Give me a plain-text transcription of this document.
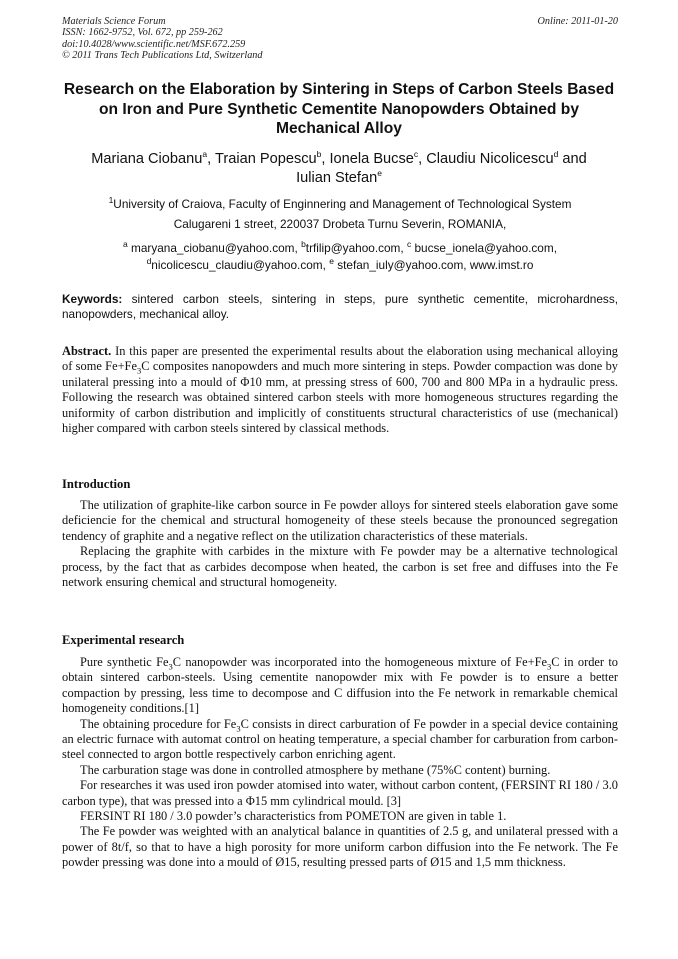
Materials Science Forum
ISSN: 1662-9752, Vol. 672, pp 259-262
doi:10.4028/www.scientific.net/MSF.672.259
© 2011 Trans Tech Publications Ltd, Switzerland
Online: 2011-01-20
Research on the Elaboration by Sintering in Steps of Carbon Steels Based on Iron and Pure Synthetic Cementite Nanopowders Obtained by Mechanical Alloy
Mariana Ciobanu$^a$, Traian Popescu$^b$, Ionela Bucse$^c$, Claudiu Nicolicescu$^d$ and
Iulian Stefan$^e$
$^1$University of Craiova, Faculty of Enginnering and Management of Technological System
Calugareni 1 street, 220037 Drobeta Turnu Severin, ROMANIA,
$^a$ maryana_ciobanu@yahoo.com, $^b$trfilip@yahoo.com, $^c$ bucse_ionela@yahoo.com,
$^d$nicolicescu_claudiu@yahoo.com, $^e$ stefan_iuly@yahoo.com, www.imst.ro
Keywords: sintered carbon steels, sintering in steps, pure synthetic cementite, microhardness, nanopowders, mechanical alloy.
Abstract. In this paper are presented the experimental results about the elaboration using mechanical alloying of some $Fe+Fe_3C$ composites nanopowders and much more sintering in steps. Powder compaction was done by unilateral pressing into a mould of Φ10 mm, at pressing stress of 600, 700 and 800 MPa in a hydraulic press. Following the research was obtained sintered carbon steels with more homogeneous structures regarding the uniformity of carbon distribution and implicitly of constituents structural characteristics of use (mechanical) higher compared with carbon steels sintered by classical methods.
Introduction

The utilization of graphite-like carbon source in Fe powder alloys for sintered steels elaboration gave some deficiencie for the chemical and structural homogeneity of these steels because the pronounced segregation tendency of graphite and a negative reflect on the utilization characteristics of these materials.

Replacing the graphite with carbides in the mixture with Fe powder may be a alternative technological process, by the fact that as carbides decompose when heated, the carbon is set free and diffuses into the Fe network ensuring chemical and structural homogeneity.

Experimental research

Pure synthetic $Fe_3C$ nanopowder was incorporated into the homogeneous mixture of $Fe+Fe_3C$ in order to obtain sintered carbon-steels. Using cementite nanopowder mix with Fe powder is to ensure a better compaction by pressing, less time to decompose and C diffusion into the Fe network in remarkable chemical homogeneity conditions.[1]

The obtaining procedure for $Fe_3C$ consists in direct carburation of Fe powder in a special device containing an electric furnace with automat control on heating temperature, a special chamber for carburation from carbon-steel connected to argon bottle respectively carbon enriching agent.

The carburation stage was done in controlled atmosphere by methane (75%C content) burning.

For researches it was used iron powder atomised into water, without carbon content, (FERSINT RI 180 / 3.0 carbon type), that was pressed into a Φ15 mm cylindrical mould. [3]

FERSINT RI 180 / 3.0 powder’s characteristics from POMETON are given in table 1.

The Fe powder was weighted with an analytical balance in quantities of 2.5 g, and unilateral pressed with a power of 8t/f, so that to have a high porosity for more uniform carbon diffusion into the Fe network. The Fe powder pressing was done into a mould of Ø15, resulting pressed parts of Ø15 and 1,5 mm thickness.
